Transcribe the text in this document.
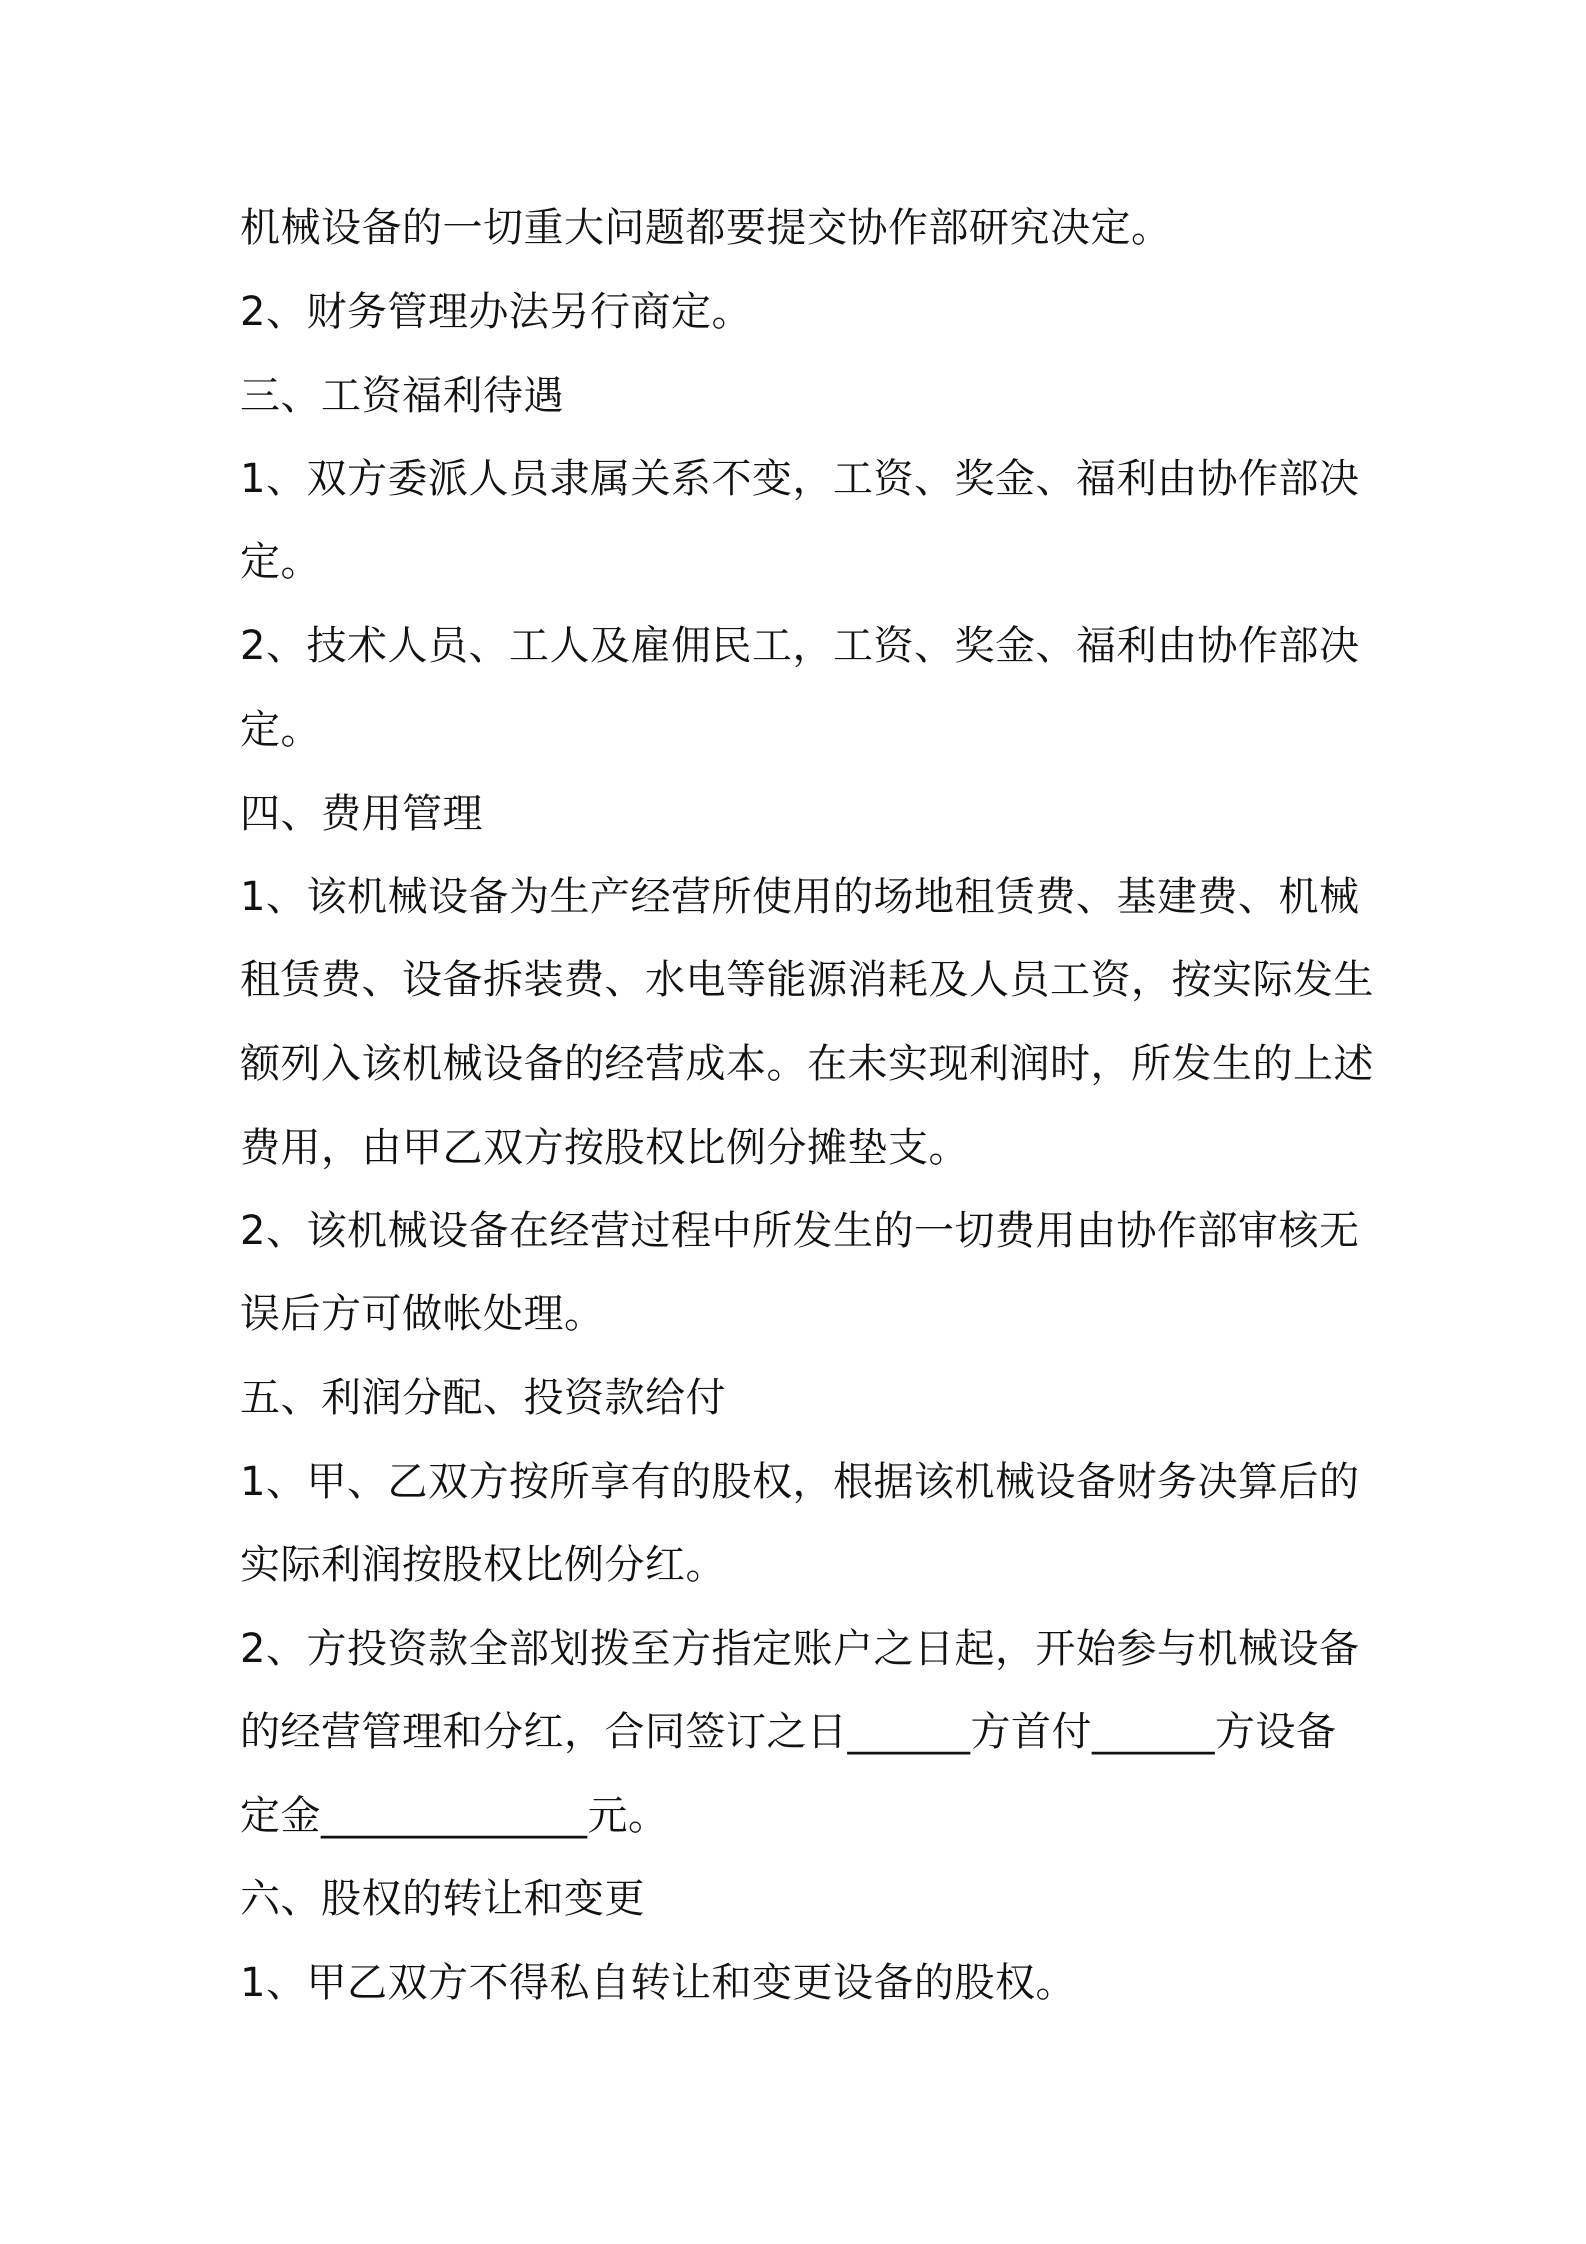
机械设备的一切重大问题都要提交协作部研究决定。
2、财务管理办法另行商定。
三、工资福利待遇
1、双方委派人员隶属关系不变，工资、奖金、福利由协作部决
定。
2、技术人员、工人及雇佣民工，工资、奖金、福利由协作部决
定。
四、费用管理
1、该机械设备为生产经营所使用的场地租赁费、基建费、机械
租赁费、设备拆装费、水电等能源消耗及人员工资，按实际发生
额列入该机械设备的经营成本。在未实现利润时，所发生的上述
费用，由甲乙双方按股权比例分摊垫支。
2、该机械设备在经营过程中所发生的一切费用由协作部审核无
误后方可做帐处理。
五、利润分配、投资款给付
1、甲、乙双方按所享有的股权，根据该机械设备财务决算后的
实际利润按股权比例分红。
2、方投资款全部划拨至方指定账户之日起，开始参与机械设备
的经营管理和分红，合同签订之日______方首付______方设备
定金_____________元。
六、股权的转让和变更
1、甲乙双方不得私自转让和变更设备的股权。
